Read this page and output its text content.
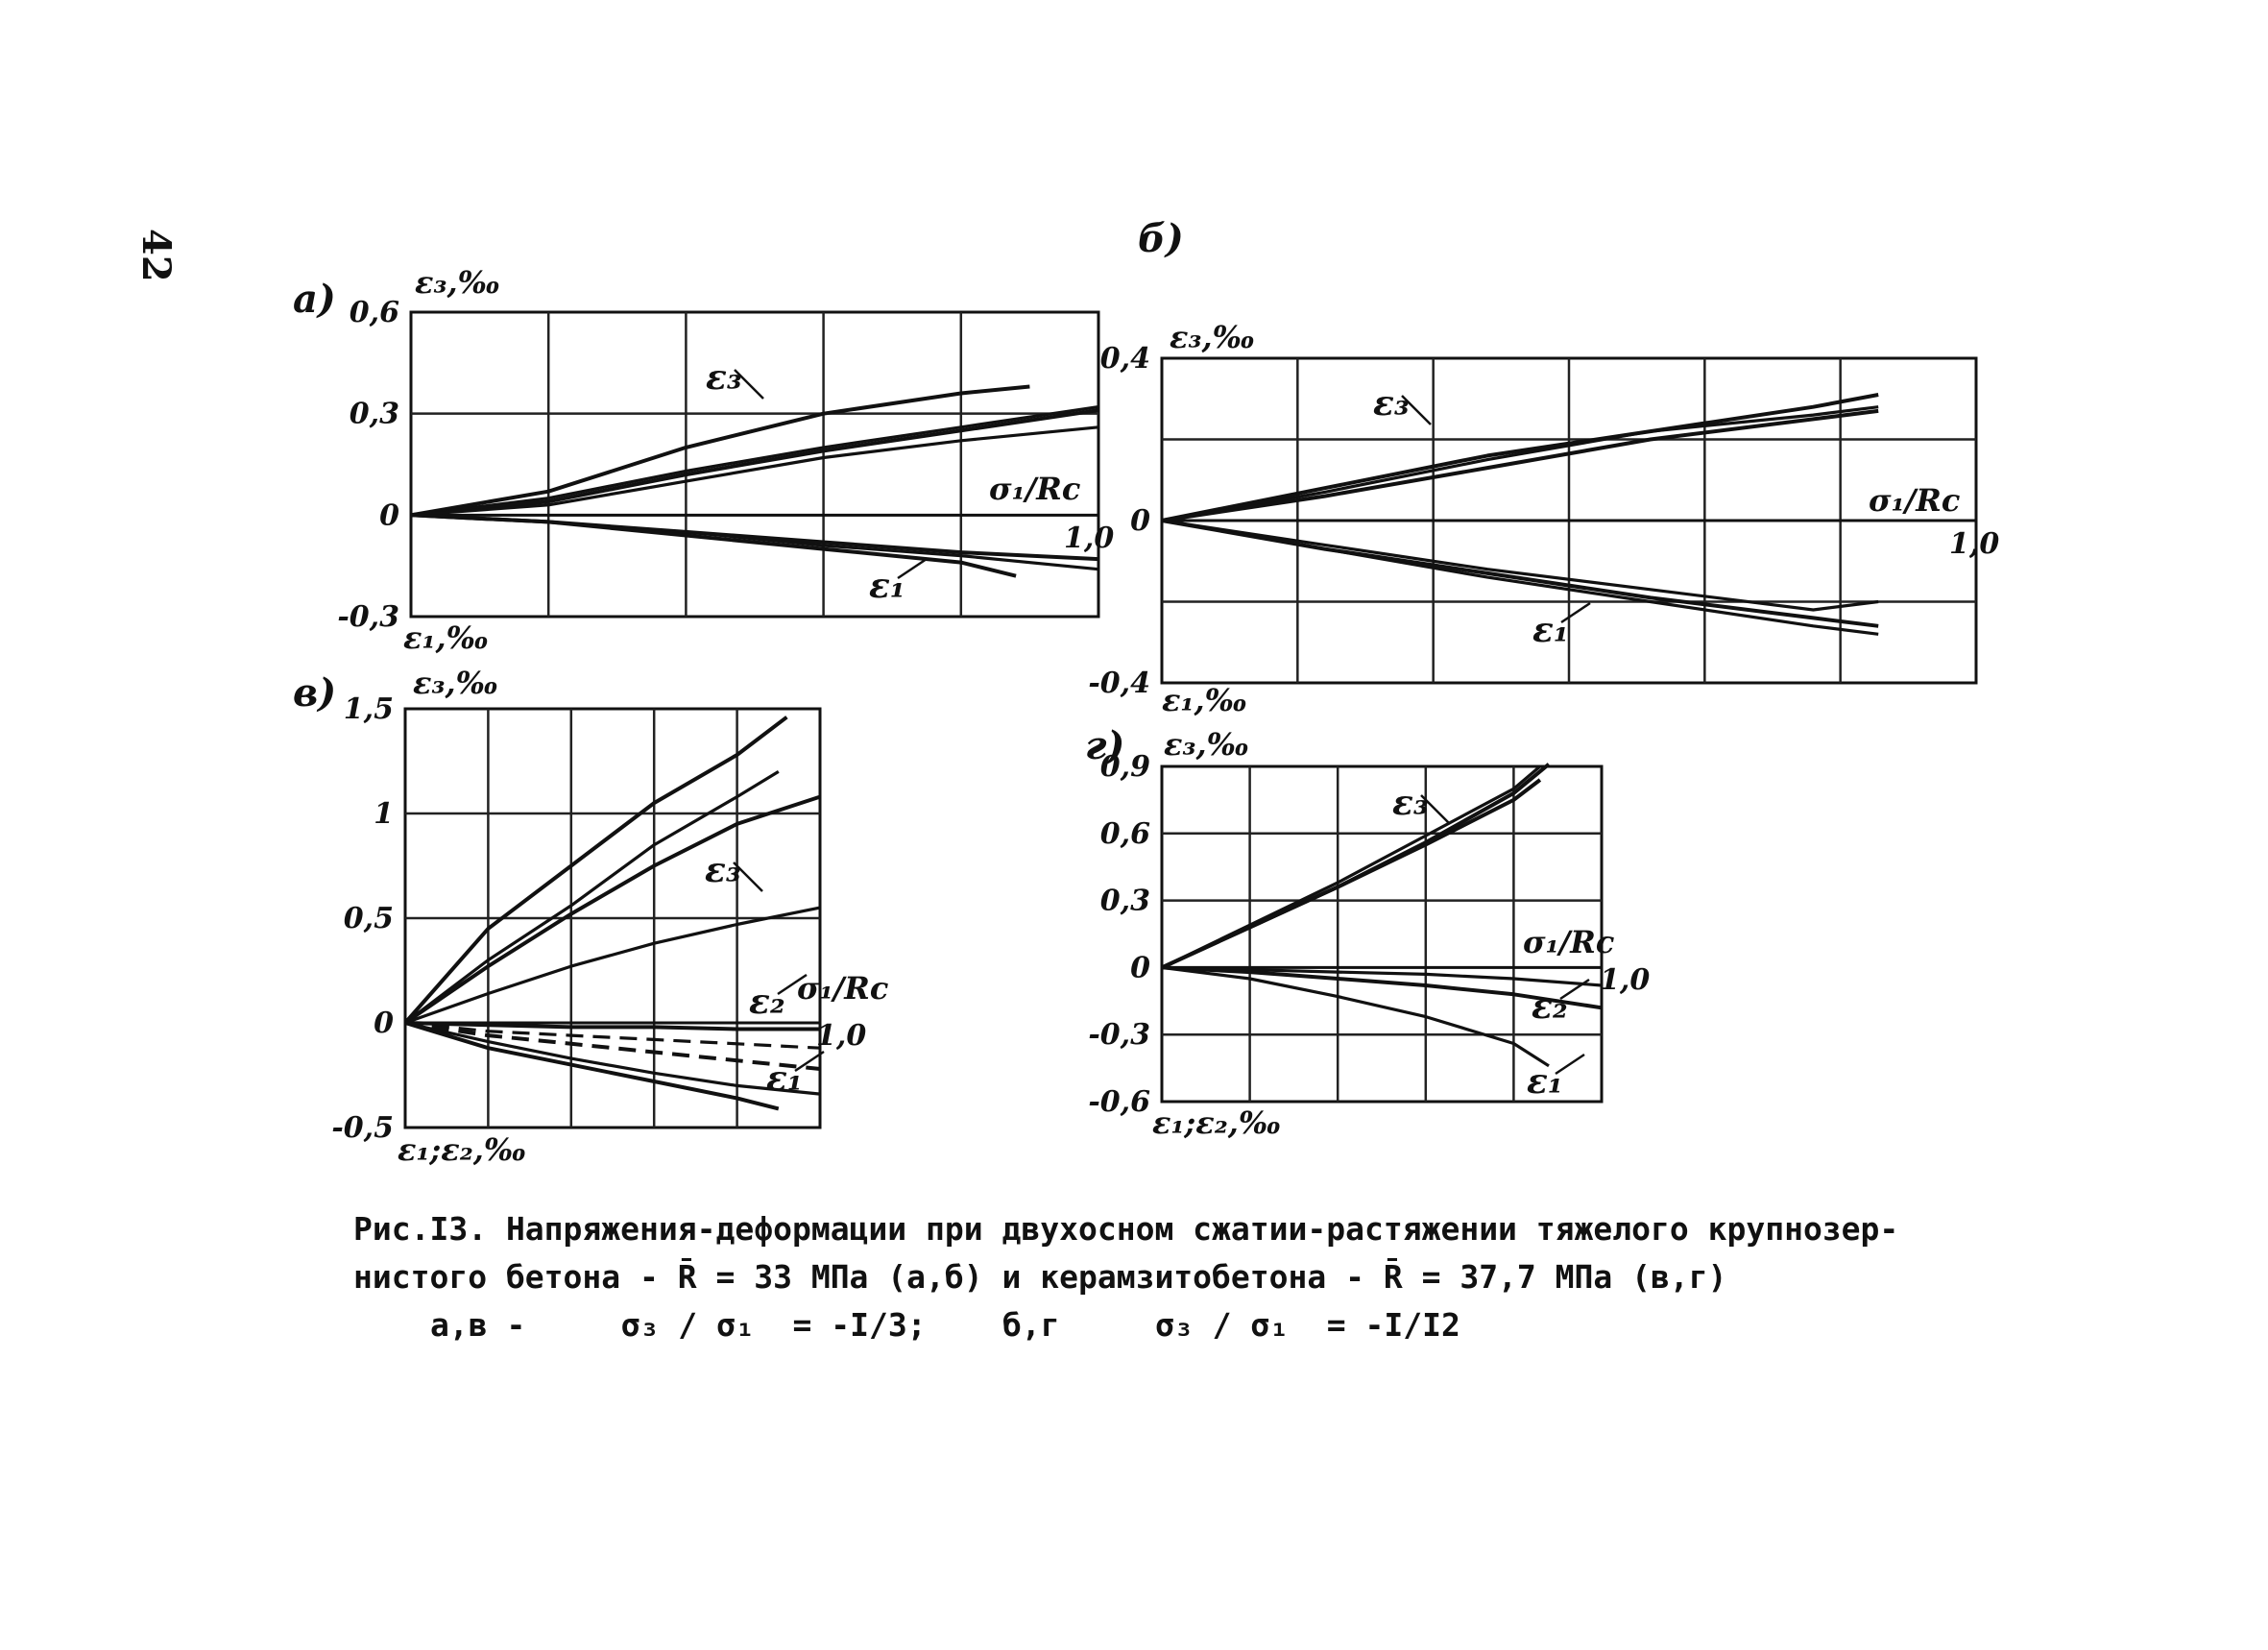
42
0,6
0,3
0
-0,3
а)	ε₃,‰
ε₁,‰
σ₁/Rc
1,0
ε₃
ε₁
0,4
0
-0,4
б)
ε₃,‰
ε₁,‰
σ₁/Rc
1,0
ε₃
ε₁
1,5
1
0,5
0
-0,5
в) ε₃,‰
ε₁;ε₂,‰
σ₁/Rc
1,0
ε₃
ε₂
ε₁
0,9
0,6
0,3
0
-0,3
-0,6
г) ε₃,‰
ε₁;ε₂,‰
σ₁/Rc
1,0
ε₃
ε₂
ε₁
Рис.I3. Напряжения-деформации при двухосном сжатии-растяжении тяжелого крупнозер-
нистого бетона - R̄ = 33 МПа (а,б) и керамзитобетона - R̄ = 37,7 МПа (в,г)
а,в -     σ₃ / σ₁  = -I/3;    б,г     σ₃ / σ₁  = -I/I2
